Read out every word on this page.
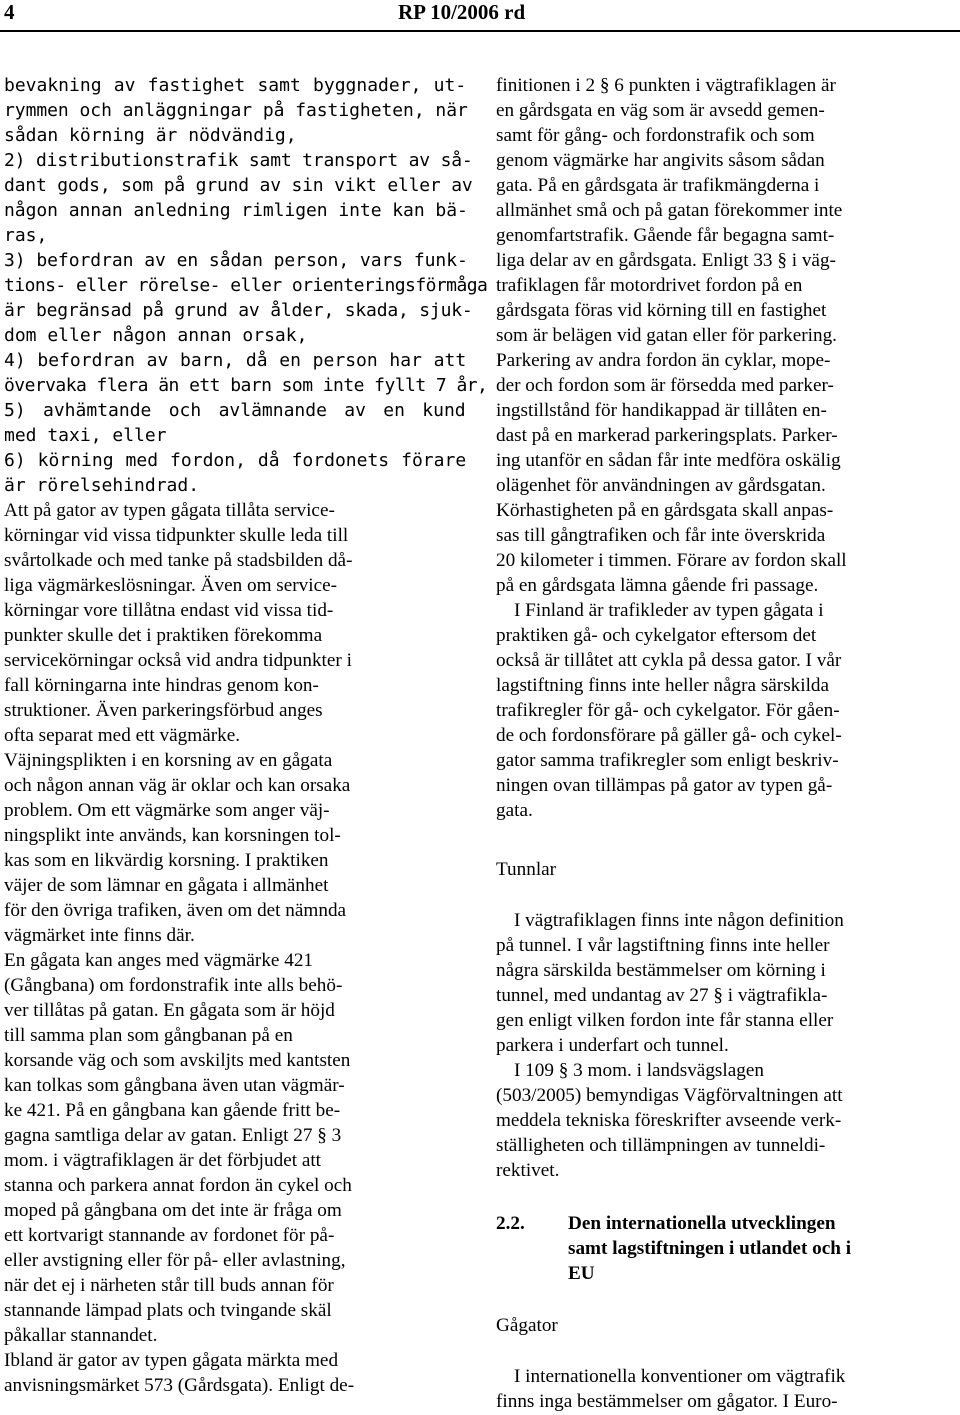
4	RP 10/2006 rd
bevakning av fastighet samt byggnader, ut-
rymmen och anläggningar på fastigheten, när
sådan körning är nödvändig,
2) distributionstrafik samt transport av så-
dant gods, som på grund av sin vikt eller av
någon annan anledning rimligen inte kan bä-
ras,
3) befordran av en sådan person, vars funk-
tions- eller rörelse- eller orienteringsförmåga
är begränsad på grund av ålder, skada, sjuk-
dom eller någon annan orsak,
4) befordran av barn, då en person har att
övervaka flera än ett barn som inte fyllt 7 år,
5) avhämtande och avlämnande av en kund
med taxi, eller
6) körning med fordon, då fordonets förare
är rörelsehindrad.
Att på gator av typen gågata tillåta service-
körningar vid vissa tidpunkter skulle leda till
svårtolkade och med tanke på stadsbilden då-
liga vägmärkeslösningar. Även om service-
körningar vore tillåtna endast vid vissa tid-
punkter skulle det i praktiken förekomma
servicekörningar också vid andra tidpunkter i
fall körningarna inte hindras genom kon-
struktioner. Även parkeringsförbud anges
ofta separat med ett vägmärke.
Väjningsplikten i en korsning av en gågata
och någon annan väg är oklar och kan orsaka
problem. Om ett vägmärke som anger väj-
ningsplikt inte används, kan korsningen tol-
kas som en likvärdig korsning. I praktiken
väjer de som lämnar en gågata i allmänhet
för den övriga trafiken, även om det nämnda
vägmärket inte finns där.
En gågata kan anges med vägmärke 421
(Gångbana) om fordonstrafik inte alls behö-
ver tillåtas på gatan. En gågata som är höjd
till samma plan som gångbanan på en
korsande väg och som avskiljts med kantsten
kan tolkas som gångbana även utan vägmär-
ke 421. På en gångbana kan gående fritt be-
gagna samtliga delar av gatan. Enligt 27 § 3
mom. i vägtrafiklagen är det förbjudet att
stanna och parkera annat fordon än cykel och
moped på gångbana om det inte är fråga om
ett kortvarigt stannande av fordonet för på-
eller avstigning eller för på- eller avlastning,
när det ej i närheten står till buds annan för
stannande lämpad plats och tvingande skäl
påkallar stannandet.
Ibland är gator av typen gågata märkta med
anvisningsmärket 573 (Gårdsgata). Enligt de-
finitionen i 2 § 6 punkten i vägtrafiklagen är
en gårdsgata en väg som är avsedd gemen-
samt för gång- och fordonstrafik och som
genom vägmärke har angivits såsom sådan
gata. På en gårdsgata är trafikmängderna i
allmänhet små och på gatan förekommer inte
genomfartstrafik. Gående får begagna samt-
liga delar av en gårdsgata. Enligt 33 § i väg-
trafiklagen får motordrivet fordon på en
gårdsgata föras vid körning till en fastighet
som är belägen vid gatan eller för parkering.
Parkering av andra fordon än cyklar, mope-
der och fordon som är försedda med parker-
ingstillstånd för handikappad är tillåten en-
dast på en markerad parkeringsplats. Parker-
ing utanför en sådan får inte medföra oskälig
olägenhet för användningen av gårdsgatan.
Körhastigheten på en gårdsgata skall anpas-
sas till gångtrafiken och får inte överskrida
20 kilometer i timmen. Förare av fordon skall
på en gårdsgata lämna gående fri passage.
I Finland är trafikleder av typen gågata i
praktiken gå- och cykelgator eftersom det
också är tillåtet att cykla på dessa gator. I vår
lagstiftning finns inte heller några särskilda
trafikregler för gå- och cykelgator. För gåen-
de och fordonsförare på gäller gå- och cykel-
gator samma trafikregler som enligt beskriv-
ningen ovan tillämpas på gator av typen gå-
gata.
Tunnlar
I vägtrafiklagen finns inte någon definition
på tunnel. I vår lagstiftning finns inte heller
några särskilda bestämmelser om körning i
tunnel, med undantag av 27 § i vägtrafikla-
gen enligt vilken fordon inte får stanna eller
parkera i underfart och tunnel.
I 109 § 3 mom. i landsvägslagen
(503/2005) bemyndigas Vägförvaltningen att
meddela tekniska föreskrifter avseende verk-
ställigheten och tillämpningen av tunneldi-
rektivet.
2.2. Den internationella utvecklingen
samt lagstiftningen i utlandet och i
EU
Gågator
I internationella konventioner om vägtrafik
finns inga bestämmelser om gågator. I Euro-
